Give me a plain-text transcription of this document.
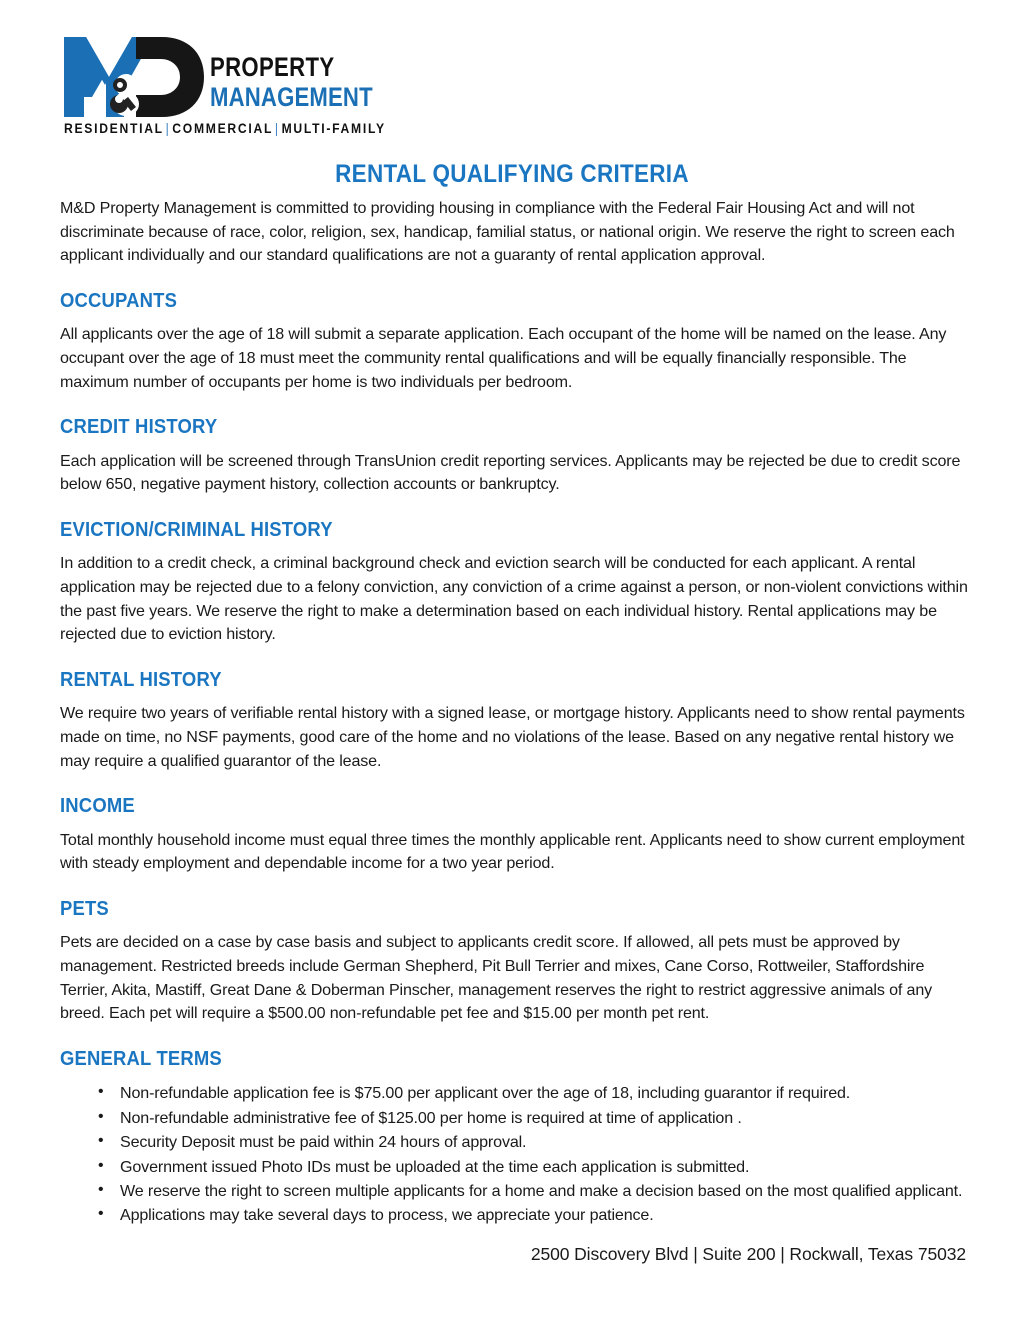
PROPERTY
MANAGEMENT
RESIDENTIAL | COMMERCIAL | MULTI-FAMILY
RENTAL QUALIFYING CRITERIA

M&D Property Management is committed to providing housing in compliance with the Federal Fair Housing Act and will not discriminate because of race, color, religion, sex, handicap, familial status, or national origin. We reserve the right to screen each applicant individually and our standard qualifications are not a guaranty of rental application approval.

OCCUPANTS

All applicants over the age of 18 will submit a separate application. Each occupant of the home will be named on the lease. Any occupant over the age of 18 must meet the community rental qualifications and will be equally financially responsible. The maximum number of occupants per home is two individuals per bedroom.

CREDIT HISTORY

Each application will be screened through TransUnion credit reporting services. Applicants may be rejected be due to credit score below 650, negative payment history, collection accounts or bankruptcy.

EVICTION/CRIMINAL HISTORY

In addition to a credit check, a criminal background check and eviction search will be conducted for each applicant. A rental application may be rejected due to a felony conviction, any conviction of a crime against a person, or non-violent convictions within the past five years. We reserve the right to make a determination based on each individual history. Rental applications may be rejected due to eviction history.

RENTAL HISTORY

We require two years of verifiable rental history with a signed lease, or mortgage history. Applicants need to show rental payments made on time, no NSF payments, good care of the home and no violations of the lease. Based on any negative rental history we may require a qualified guarantor of the lease.

INCOME

Total monthly household income must equal three times the monthly applicable rent. Applicants need to show current employment with steady employment and dependable income for a two year period.

PETS

Pets are decided on a case by case basis and subject to applicants credit score. If allowed, all pets must be approved by management. Restricted breeds include German Shepherd, Pit Bull Terrier and mixes, Cane Corso, Rottweiler, Staffordshire Terrier, Akita, Mastiff, Great Dane & Doberman Pinscher, management reserves the right to restrict aggressive animals of any breed. Each pet will require a $500.00 non-refundable pet fee and $15.00 per month pet rent.

GENERAL TERMS
• Non-refundable application fee is $75.00 per applicant over the age of 18, including guarantor if required.
• Non-refundable administrative fee of $125.00 per home is required at time of application .
• Security Deposit must be paid within 24 hours of approval.
• Government issued Photo IDs must be uploaded at the time each application is submitted.
• We reserve the right to screen multiple applicants for a home and make a decision based on the most qualified applicant.
• Applications may take several days to process, we appreciate your patience.
2500 Discovery Blvd | Suite 200 | Rockwall, Texas 75032
